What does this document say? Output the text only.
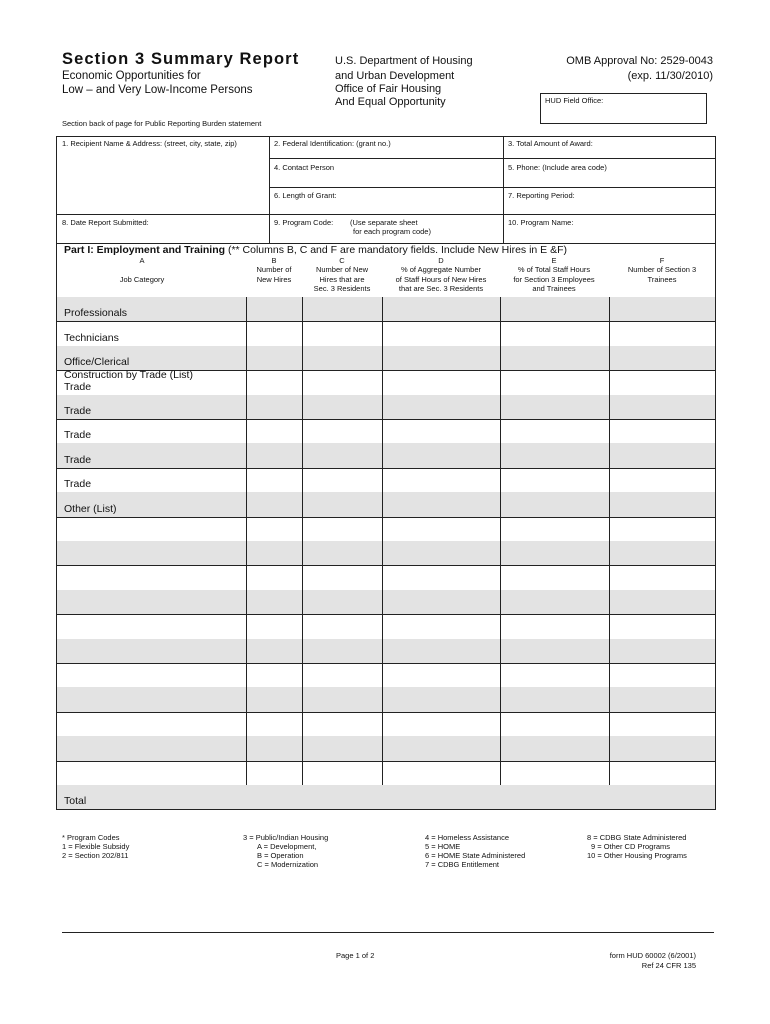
Section 3 Summary Report
Economic Opportunities for
Low – and Very Low-Income Persons
U.S. Department of Housing
and Urban Development
Office of Fair Housing
And Equal Opportunity
OMB Approval No: 2529-0043
(exp. 11/30/2010)
HUD Field Office:
Section back of page for Public Reporting Burden statement
1. Recipient Name & Address: (street, city, state, zip)	2. Federal Identification: (grant no.)	3. Total Amount of Award:
4. Contact Person	5. Phone: (Include area code)
6. Length of Grant:	7. Reporting Period:
8. Date Report Submitted:	9. Program Code: (Use separate sheet
for each program code)
10. Program Name:
Part I: Employment and Training (** Columns B, C and F are mandatory fields. Include New Hires in E &F)
A

Job Category

B
Number of
New Hires

C
Number of New
Hires that are
Sec. 3 Residents
D
% of Aggregate Number
of Staff Hours of New Hires
that are Sec. 3 Residents
E
% of Total Staff Hours
for Section 3 Employees
and Trainees
F
Number of Section 3
Trainees

Professionals
Technicians
Office/Clerical
Construction by Trade (List)
Trade
Trade
Trade
Trade
Trade
Other (List)
Total
* Program Codes
1 = Flexible Subsidy
2 = Section 202/811
3 = Public/Indian Housing
A = Development,
B = Operation
C = Modernization
4 = Homeless Assistance
5 = HOME
6 = HOME State Administered
7 = CDBG Entitlement
8 = CDBG State Administered
9 = Other CD Programs
10 = Other Housing Programs
Page 1 of 2	form HUD 60002 (6/2001)
Ref 24 CFR 135
